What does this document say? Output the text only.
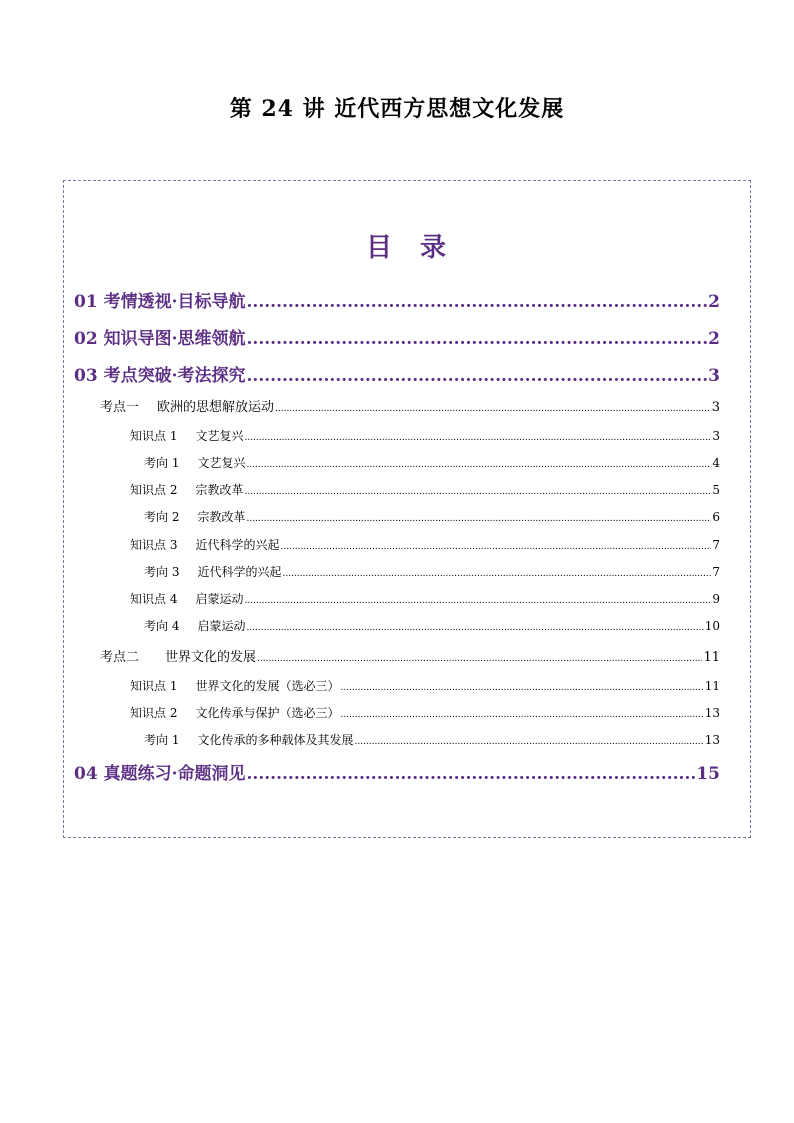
第 24 讲 近代西方思想文化发展
目 录
01 考情透视·目标导航 .....	2
02 知识导图·思维领航 .....	2
03 考点突破·考法探究 .....	3
考点一 欧洲的思想解放运动 .....	3
知识点 1 文艺复兴 .....	3
考向 1 文艺复兴 .....	4
知识点 2 宗教改革 .....	5
考向 2 宗教改革 .....	6
知识点 3 近代科学的兴起 .....	7
考向 3 近代科学的兴起 .....	7
知识点 4 启蒙运动 .....	9
考向 4 启蒙运动 .....	10
考点二 世界文化的发展 .....	11
知识点 1 世界文化的发展（选必三） .....	11
知识点 2 文化传承与保护（选必三） .....	13
考向 1 文化传承的多种载体及其发展 .....	13
04 真题练习·命题洞见 .....	15
